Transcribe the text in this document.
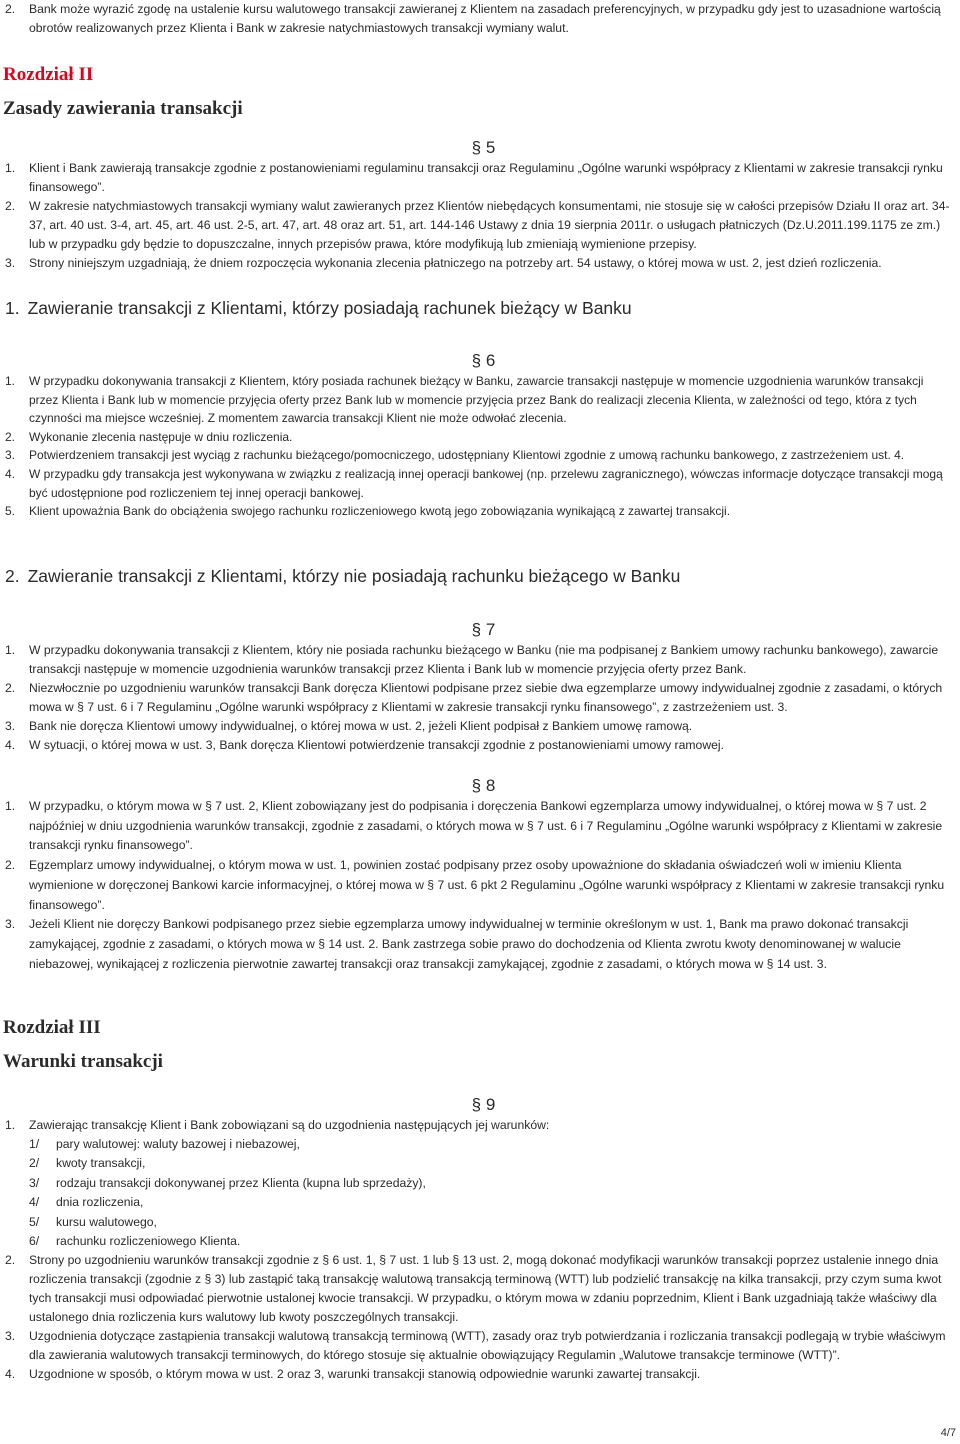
2. Bank może wyrazić zgodę na ustalenie kursu walutowego transakcji zawieranej z Klientem na zasadach preferencyjnych, w przypadku gdy jest to uzasadnione wartością obrotów realizowanych przez Klienta i Bank w zakresie natychmiastowych transakcji wymiany walut.
Rozdział II
Zasady zawierania transakcji
§ 5
1. Klient i Bank zawierają transakcje zgodnie z postanowieniami regulaminu transakcji oraz Regulaminu „Ogólne warunki współpracy z Klientami w zakresie transakcji rynku finansowego”.
2. W zakresie natychmiastowych transakcji wymiany walut zawieranych przez Klientów niebędących konsumentami, nie stosuje się w całości przepisów Działu II oraz art. 34-37, art. 40 ust. 3-4, art. 45, art. 46 ust. 2-5, art. 47, art. 48 oraz art. 51, art. 144-146 Ustawy z dnia 19 sierpnia 2011r. o usługach płatniczych (Dz.U.2011.199.1175 ze zm.) lub w przypadku gdy będzie to dopuszczalne, innych przepisów prawa, które modyfikują lub zmieniają wymienione przepisy.
3. Strony niniejszym uzgadniają, że dniem rozpoczęcia wykonania zlecenia płatniczego na potrzeby art. 54 ustawy, o której mowa w ust. 2, jest dzień rozliczenia.
1. Zawieranie transakcji z Klientami, którzy posiadają rachunek bieżący w Banku
§ 6
1. W przypadku dokonywania transakcji z Klientem, który posiada rachunek bieżący w Banku, zawarcie transakcji następuje w momencie uzgodnienia warunków transakcji przez Klienta i Bank lub w momencie przyjęcia oferty przez Bank lub w momencie przyjęcia przez Bank do realizacji zlecenia Klienta, w zależności od tego, która z tych czynności ma miejsce wcześniej. Z momentem zawarcia transakcji Klient nie może odwołać zlecenia.
2. Wykonanie zlecenia następuje w dniu rozliczenia.
3. Potwierdzeniem transakcji jest wyciąg z rachunku bieżącego/pomocniczego, udostępniany Klientowi zgodnie z umową rachunku bankowego, z zastrzeżeniem ust. 4.
4. W przypadku gdy transakcja jest wykonywana w związku z realizacją innej operacji bankowej (np. przelewu zagranicznego), wówczas informacje dotyczące transakcji mogą być udostępnione pod rozliczeniem tej innej operacji bankowej.
5. Klient upoważnia Bank do obciążenia swojego rachunku rozliczeniowego kwotą jego zobowiązania wynikającą z zawartej transakcji.
2. Zawieranie transakcji z Klientami, którzy nie posiadają rachunku bieżącego w Banku
§ 7
1. W przypadku dokonywania transakcji z Klientem, który nie posiada rachunku bieżącego w Banku (nie ma podpisanej z Bankiem umowy rachunku bankowego), zawarcie transakcji następuje w momencie uzgodnienia warunków transakcji przez Klienta i Bank lub w momencie przyjęcia oferty przez Bank.
2. Niezwłocznie po uzgodnieniu warunków transakcji Bank doręcza Klientowi podpisane przez siebie dwa egzemplarze umowy indywidualnej zgodnie z zasadami, o których mowa w § 7 ust. 6 i 7 Regulaminu „Ogólne warunki współpracy z Klientami w zakresie transakcji rynku finansowego”, z zastrzeżeniem ust. 3.
3. Bank nie doręcza Klientowi umowy indywidualnej, o której mowa w ust. 2, jeżeli Klient podpisał z Bankiem umowę ramową.
4. W sytuacji, o której mowa w ust. 3, Bank doręcza Klientowi potwierdzenie transakcji zgodnie z postanowieniami umowy ramowej.
§ 8
1. W przypadku, o którym mowa w § 7 ust. 2, Klient zobowiązany jest do podpisania i doręczenia Bankowi egzemplarza umowy indywidualnej, o której mowa w § 7 ust. 2 najpóźniej w dniu uzgodnienia warunków transakcji, zgodnie z zasadami, o których mowa w § 7 ust. 6 i 7 Regulaminu „Ogólne warunki współpracy z Klientami w zakresie transakcji rynku finansowego”.
2. Egzemplarz umowy indywidualnej, o którym mowa w ust. 1, powinien zostać podpisany przez osoby upoważnione do składania oświadczeń woli w imieniu Klienta wymienione w doręczonej Bankowi karcie informacyjnej, o której mowa w § 7 ust. 6 pkt 2 Regulaminu „Ogólne warunki współpracy z Klientami w zakresie transakcji rynku finansowego”.
3. Jeżeli Klient nie doręczy Bankowi podpisanego przez siebie egzemplarza umowy indywidualnej w terminie określonym w ust. 1, Bank ma prawo dokonać transakcji zamykającej, zgodnie z zasadami, o których mowa w § 14 ust. 2. Bank zastrzega sobie prawo do dochodzenia od Klienta zwrotu kwoty denominowanej w walucie niebazowej, wynikającej z rozliczenia pierwotnie zawartej transakcji oraz transakcji zamykającej, zgodnie z zasadami, o których mowa w § 14 ust. 3.
Rozdział III
Warunki transakcji
§ 9
1. Zawierając transakcję Klient i Bank zobowiązani są do uzgodnienia następujących jej warunków:
1/ pary walutowej: waluty bazowej i niebazowej,
2/ kwoty transakcji,
3/ rodzaju transakcji dokonywanej przez Klienta (kupna lub sprzedaży),
4/ dnia rozliczenia,
5/ kursu walutowego,
6/ rachunku rozliczeniowego Klienta.
2. Strony po uzgodnieniu warunków transakcji zgodnie z § 6 ust. 1, § 7 ust. 1 lub § 13 ust. 2, mogą dokonać modyfikacji warunków transakcji poprzez ustalenie innego dnia rozliczenia transakcji (zgodnie z § 3) lub zastąpić taką transakcję walutową transakcją terminową (WTT) lub podzielić transakcję na kilka transakcji, przy czym suma kwot tych transakcji musi odpowiadać pierwotnie ustalonej kwocie transakcji. W przypadku, o którym mowa w zdaniu poprzednim, Klient i Bank uzgadniają także właściwy dla ustalonego dnia rozliczenia kurs walutowy lub kwoty poszczególnych transakcji.
3. Uzgodnienia dotyczące zastąpienia transakcji walutową transakcją terminową (WTT), zasady oraz tryb potwierdzania i rozliczania transakcji podlegają w trybie właściwym dla zawierania walutowych transakcji terminowych, do którego stosuje się aktualnie obowiązujący Regulamin „Walutowe transakcje terminowe (WTT)”.
4. Uzgodnione w sposób, o którym mowa w ust. 2 oraz 3, warunki transakcji stanowią odpowiednie warunki zawartej transakcji.
4/7
